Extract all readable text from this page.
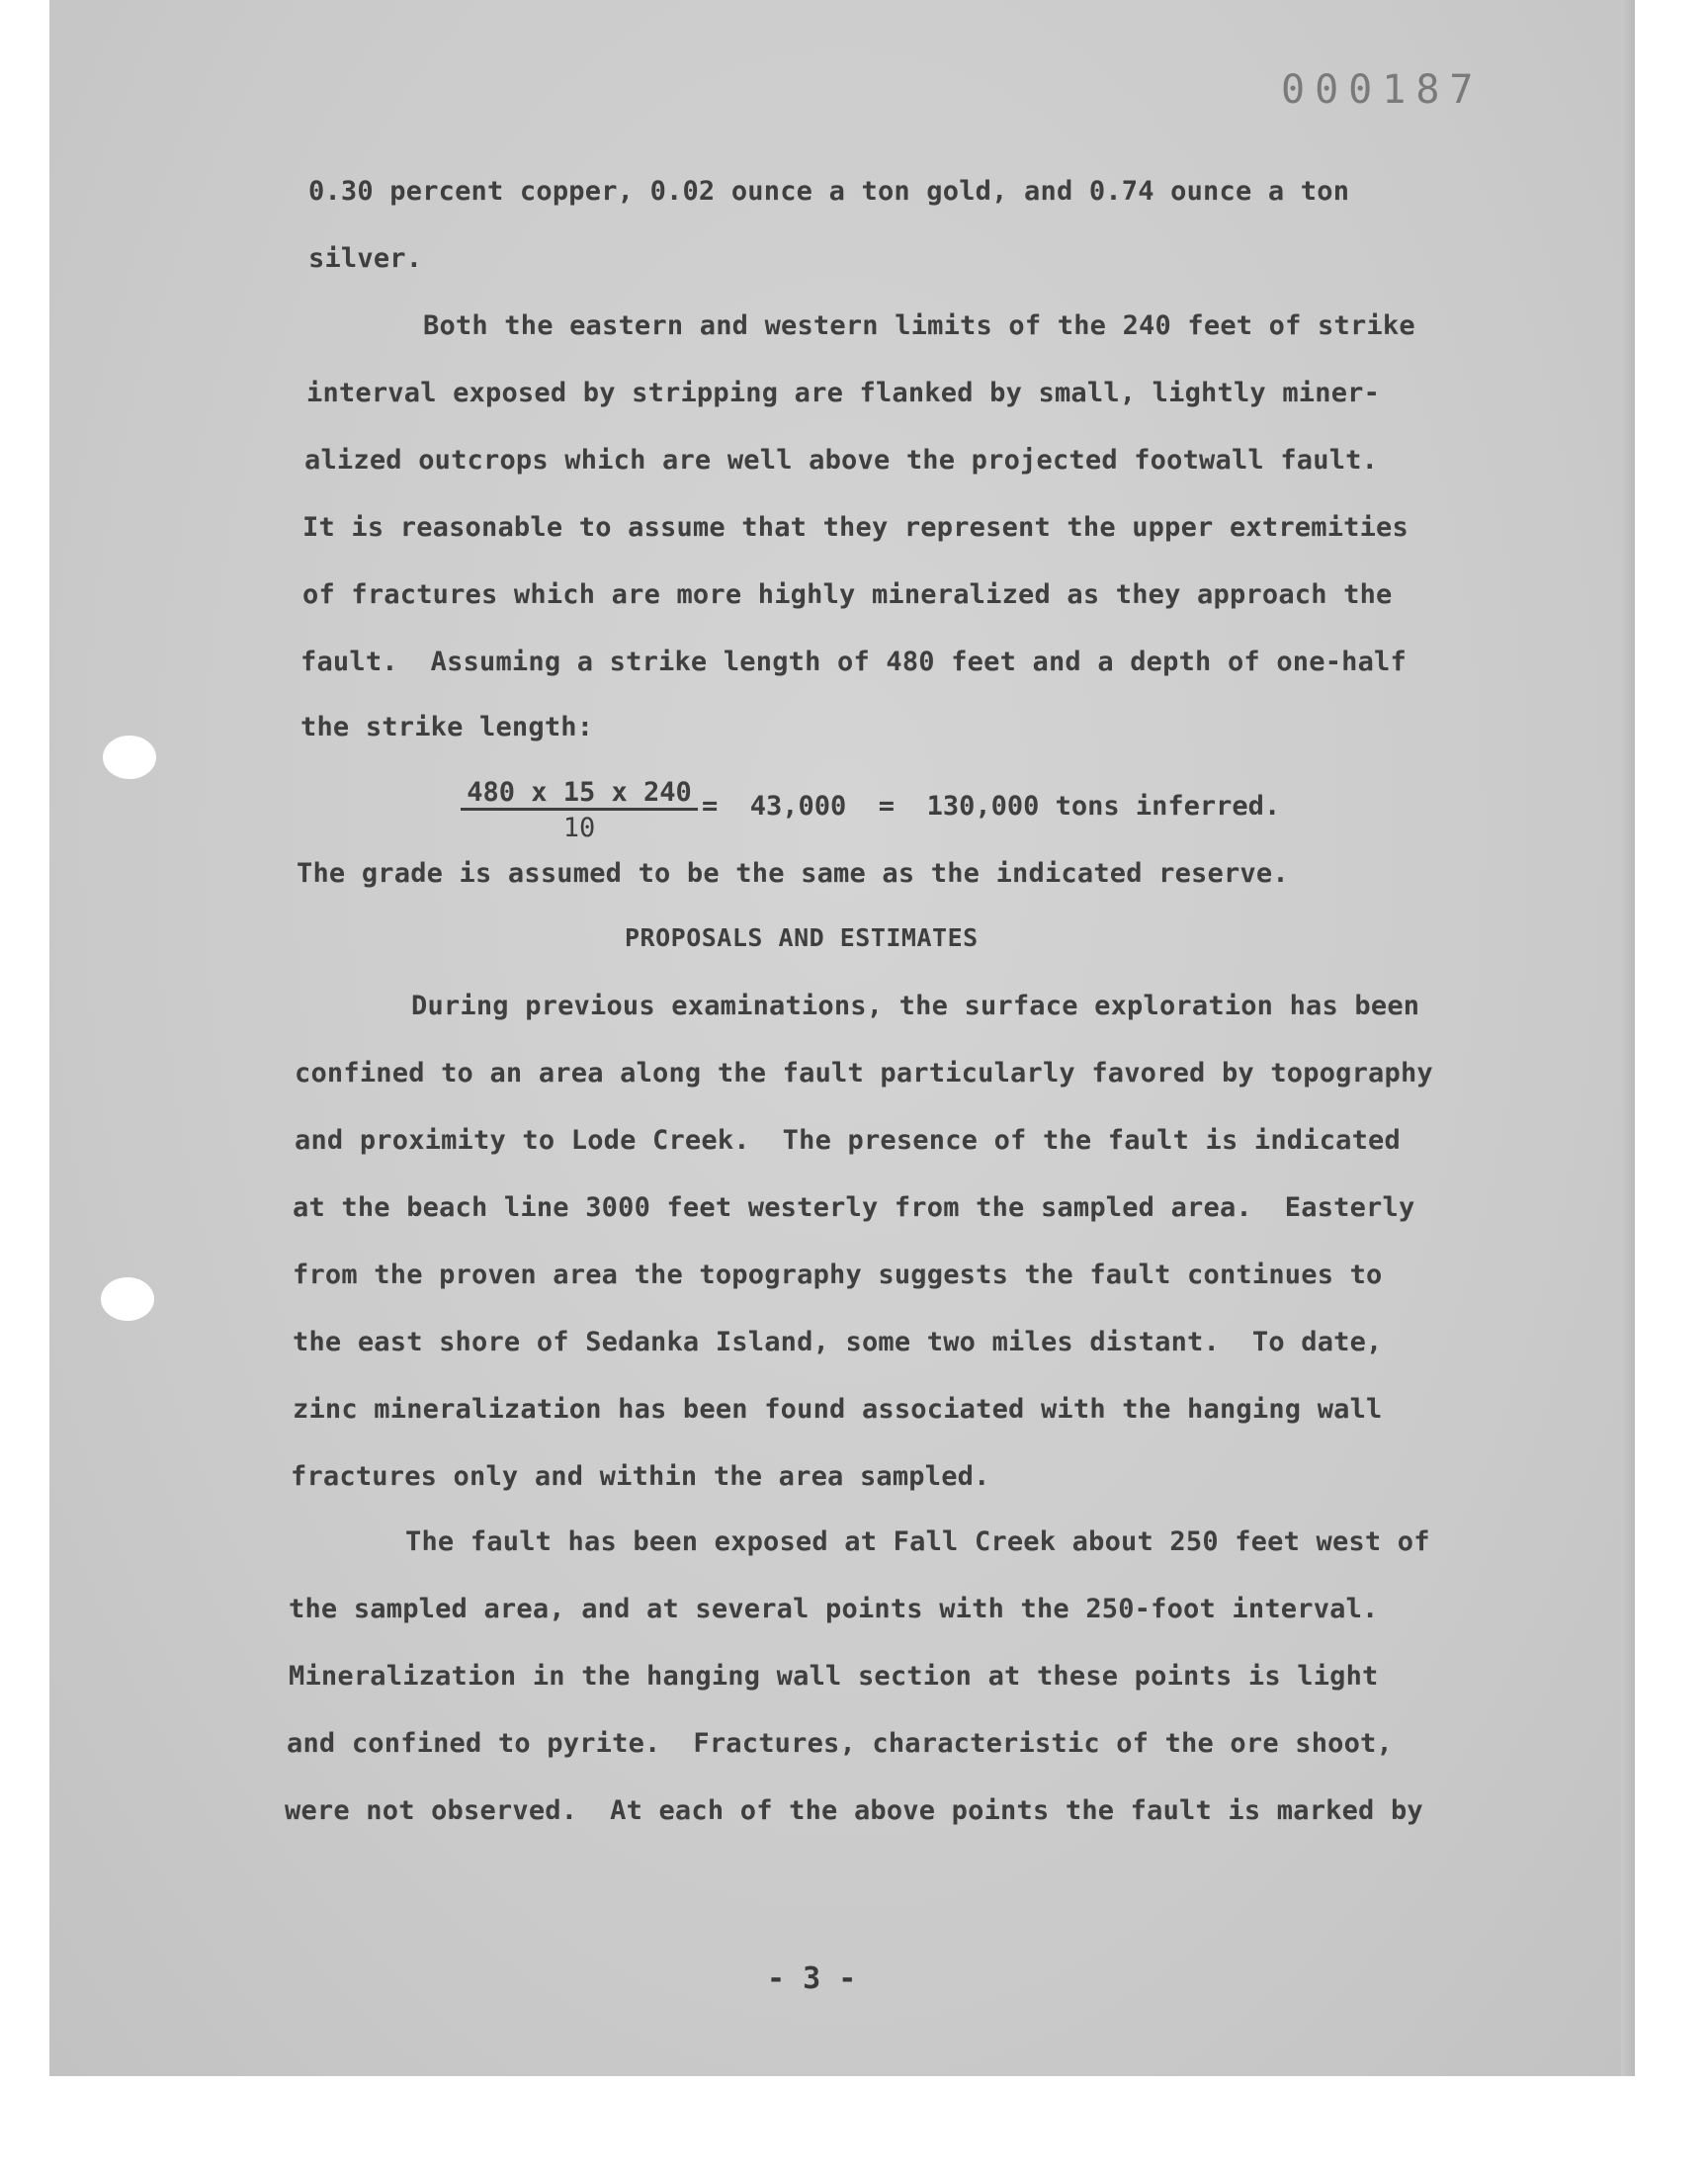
000187
0.30 percent copper, 0.02 ounce a ton gold, and 0.74 ounce a ton
silver.
Both the eastern and western limits of the 240 feet of strike
interval exposed by stripping are flanked by small, lightly miner-
alized outcrops which are well above the projected footwall fault.
It is reasonable to assume that they represent the upper extremities
of fractures which are more highly mineralized as they approach the
fault.  Assuming a strike length of 480 feet and a depth of one-half
the strike length:
$\frac{480 x 15 x 240}{10} = 43,000 = 130,000$ tons inferred.
The grade is assumed to be the same as the indicated reserve.
PROPOSALS AND ESTIMATES
During previous examinations, the surface exploration has been
confined to an area along the fault particularly favored by topography
and proximity to Lode Creek.  The presence of the fault is indicated
at the beach line 3000 feet westerly from the sampled area.  Easterly
from the proven area the topography suggests the fault continues to
the east shore of Sedanka Island, some two miles distant.  To date,
zinc mineralization has been found associated with the hanging wall
fractures only and within the area sampled.
The fault has been exposed at Fall Creek about 250 feet west of
the sampled area, and at several points with the 250-foot interval.
Mineralization in the hanging wall section at these points is light
and confined to pyrite.  Fractures, characteristic of the ore shoot,
were not observed.  At each of the above points the fault is marked by
- 3 -
